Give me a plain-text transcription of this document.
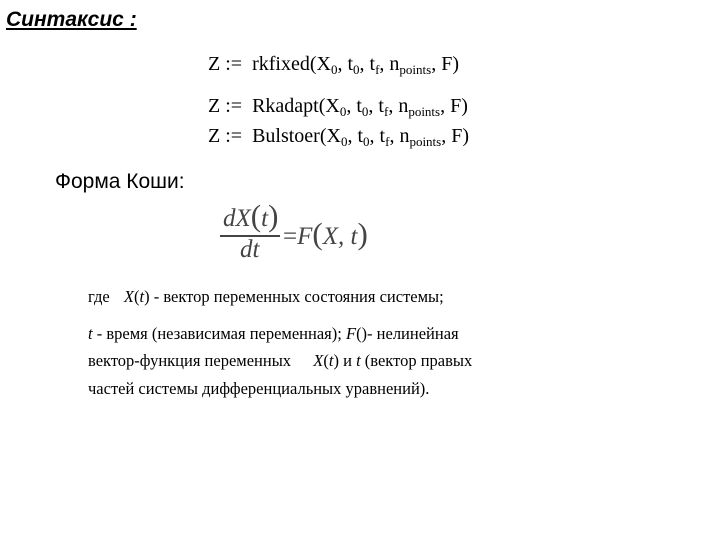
Синтаксис :
Z := $rkfixed(X_0$, $t_0$, $t_f$, $n_{points}$, F)
Z := $Rkadapt(X_0$, $t_0$, $t_f$, $n_{points}$, F)
Z := $Bulstoer(X_0$, $t_0$, $t_f$, $n_{points}$, F)
Форма Коши:
dX(t)
dt =F(X, t)
где X(t) - вектор переменных состояния системы;
t - время (независимая переменная); F()- нелинейная
вектор-функция переменных X(t) и t (вектор правых
частей системы дифференциальных уравнений).
